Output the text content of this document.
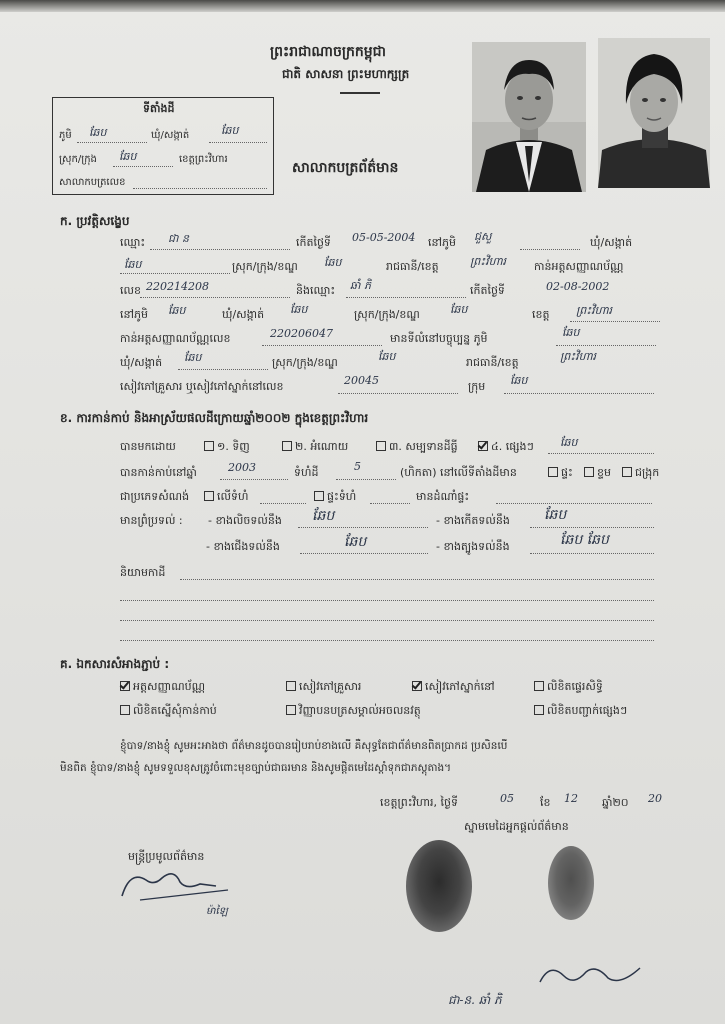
ព្រះរាជាណាចក្រកម្ពុជា
ជាតិ សាសនា ព្រះមហាក្សត្រ
សាលាកបត្រព័ត៌មាន
ទីតាំងដី
ភូមិ ឆែប	ឃុំ/សង្កាត់	ឆែប
ស្រុក/ក្រុង ឆែប	ខេត្តព្រះវិហារ
សាលាកបត្រលេខ
ក. ប្រវត្តិសង្ខេប
ឈ្មោះ ជា ន	កើតថ្ងៃទី 05-05-2004 នៅភូមិ ជួសួ	ឃុំ/សង្កាត់
ឆែប	ស្រុក/ក្រុង/ខណ្ឌ ឆែប	រាជធានី/ខេត្ត	ព្រះវិហារ	កាន់អត្តសញ្ញាណប័ណ្ណ
លេខ 220214208	និងឈ្មោះ ឆាំ ភិ	កើតថ្ងៃទី	02-08-2002
នៅភូមិ ឆែប	ឃុំ/សង្កាត់ ឆែប	ស្រុក/ក្រុង/ខណ្ឌ	ឆែប	ខេត្ត ព្រះវិហារ
កាន់អត្តសញ្ញាណប័ណ្ណលេខ	220206047	មានទីលំនៅបច្ចុប្បន្ន ភូមិ	ឆែប
ឃុំ/សង្កាត់ ឆែប	ស្រុក/ក្រុង/ខណ្ឌ	ឆែប	រាជធានី/ខេត្ត	ព្រះវិហារ
សៀវភៅគ្រួសារ ឬសៀវភៅស្នាក់នៅលេខ	20045	ក្រុម ឆែប
ខ. ការកាន់កាប់ និងអាស្រ័យផលដីក្រោយឆ្នាំ២០០២ ក្នុងខេត្តព្រះវិហារ
បានមកដោយ	១. ទិញ	២. អំណោយ	៣. សម្បទានដីធ្លី	៤. ផ្សេងៗ ឆែប
បានកាន់កាប់នៅឆ្នាំ	2003	ទំហំដី	5	(ហិកតា) នៅលើទីតាំងដីមាន	ផ្ទះ	ខ្ទម	ជង្រុក
ជាប្រភេទសំណង់	លើទំហំ	ផ្ទះទំហំ	មានដំណាំផ្ទះ
មានព្រំប្រទល់ : - ខាងលិចទល់នឹង ឆែប	- ខាងកើតទល់នឹង ឆែប
- ខាងជើងទល់នឹង	ឆែប	- ខាងត្បូងទល់នឹង	ឆែប ឆែប
និយាមកាដី
គ. ឯកសារសំអាងភ្ជាប់ :
អត្តសញ្ញាណប័ណ្ណ	សៀវភៅគ្រួសារ	សៀវភៅស្នាក់នៅ	លិខិតផ្ទេរសិទ្ធិ
លិខិតស្នើសុំកាន់កាប់	វិញ្ញាបនបត្រសម្គាល់អចលនវត្ថុ	លិខិតបញ្ជាក់ផ្សេងៗ
ខ្ញុំបាទ/នាងខ្ញុំ សូមអះអាងថា ព័ត៌មានដូចបានរៀបរាប់ខាងលើ គឺសុទ្ធតែជាព័ត៌មានពិតប្រាកដ ប្រសិនបើ
មិនពិត ខ្ញុំបាទ/នាងខ្ញុំ សូមទទួលខុសត្រូវចំពោះមុខច្បាប់ជាធរមាន និងសូមផ្តិតមេដៃស្តាំទុកជាភស្តុតាង។
ខេត្តព្រះវិហារ, ថ្ងៃទី	05 ខែ 12 ឆ្នាំ២០ 20
ស្នាមមេដៃអ្នកផ្តល់ព័ត៌មាន
មន្ត្រីប្រមូលព័ត៌មាន
ម៉ាឡៃ
ជា-ន. ឆាំ ភិ
